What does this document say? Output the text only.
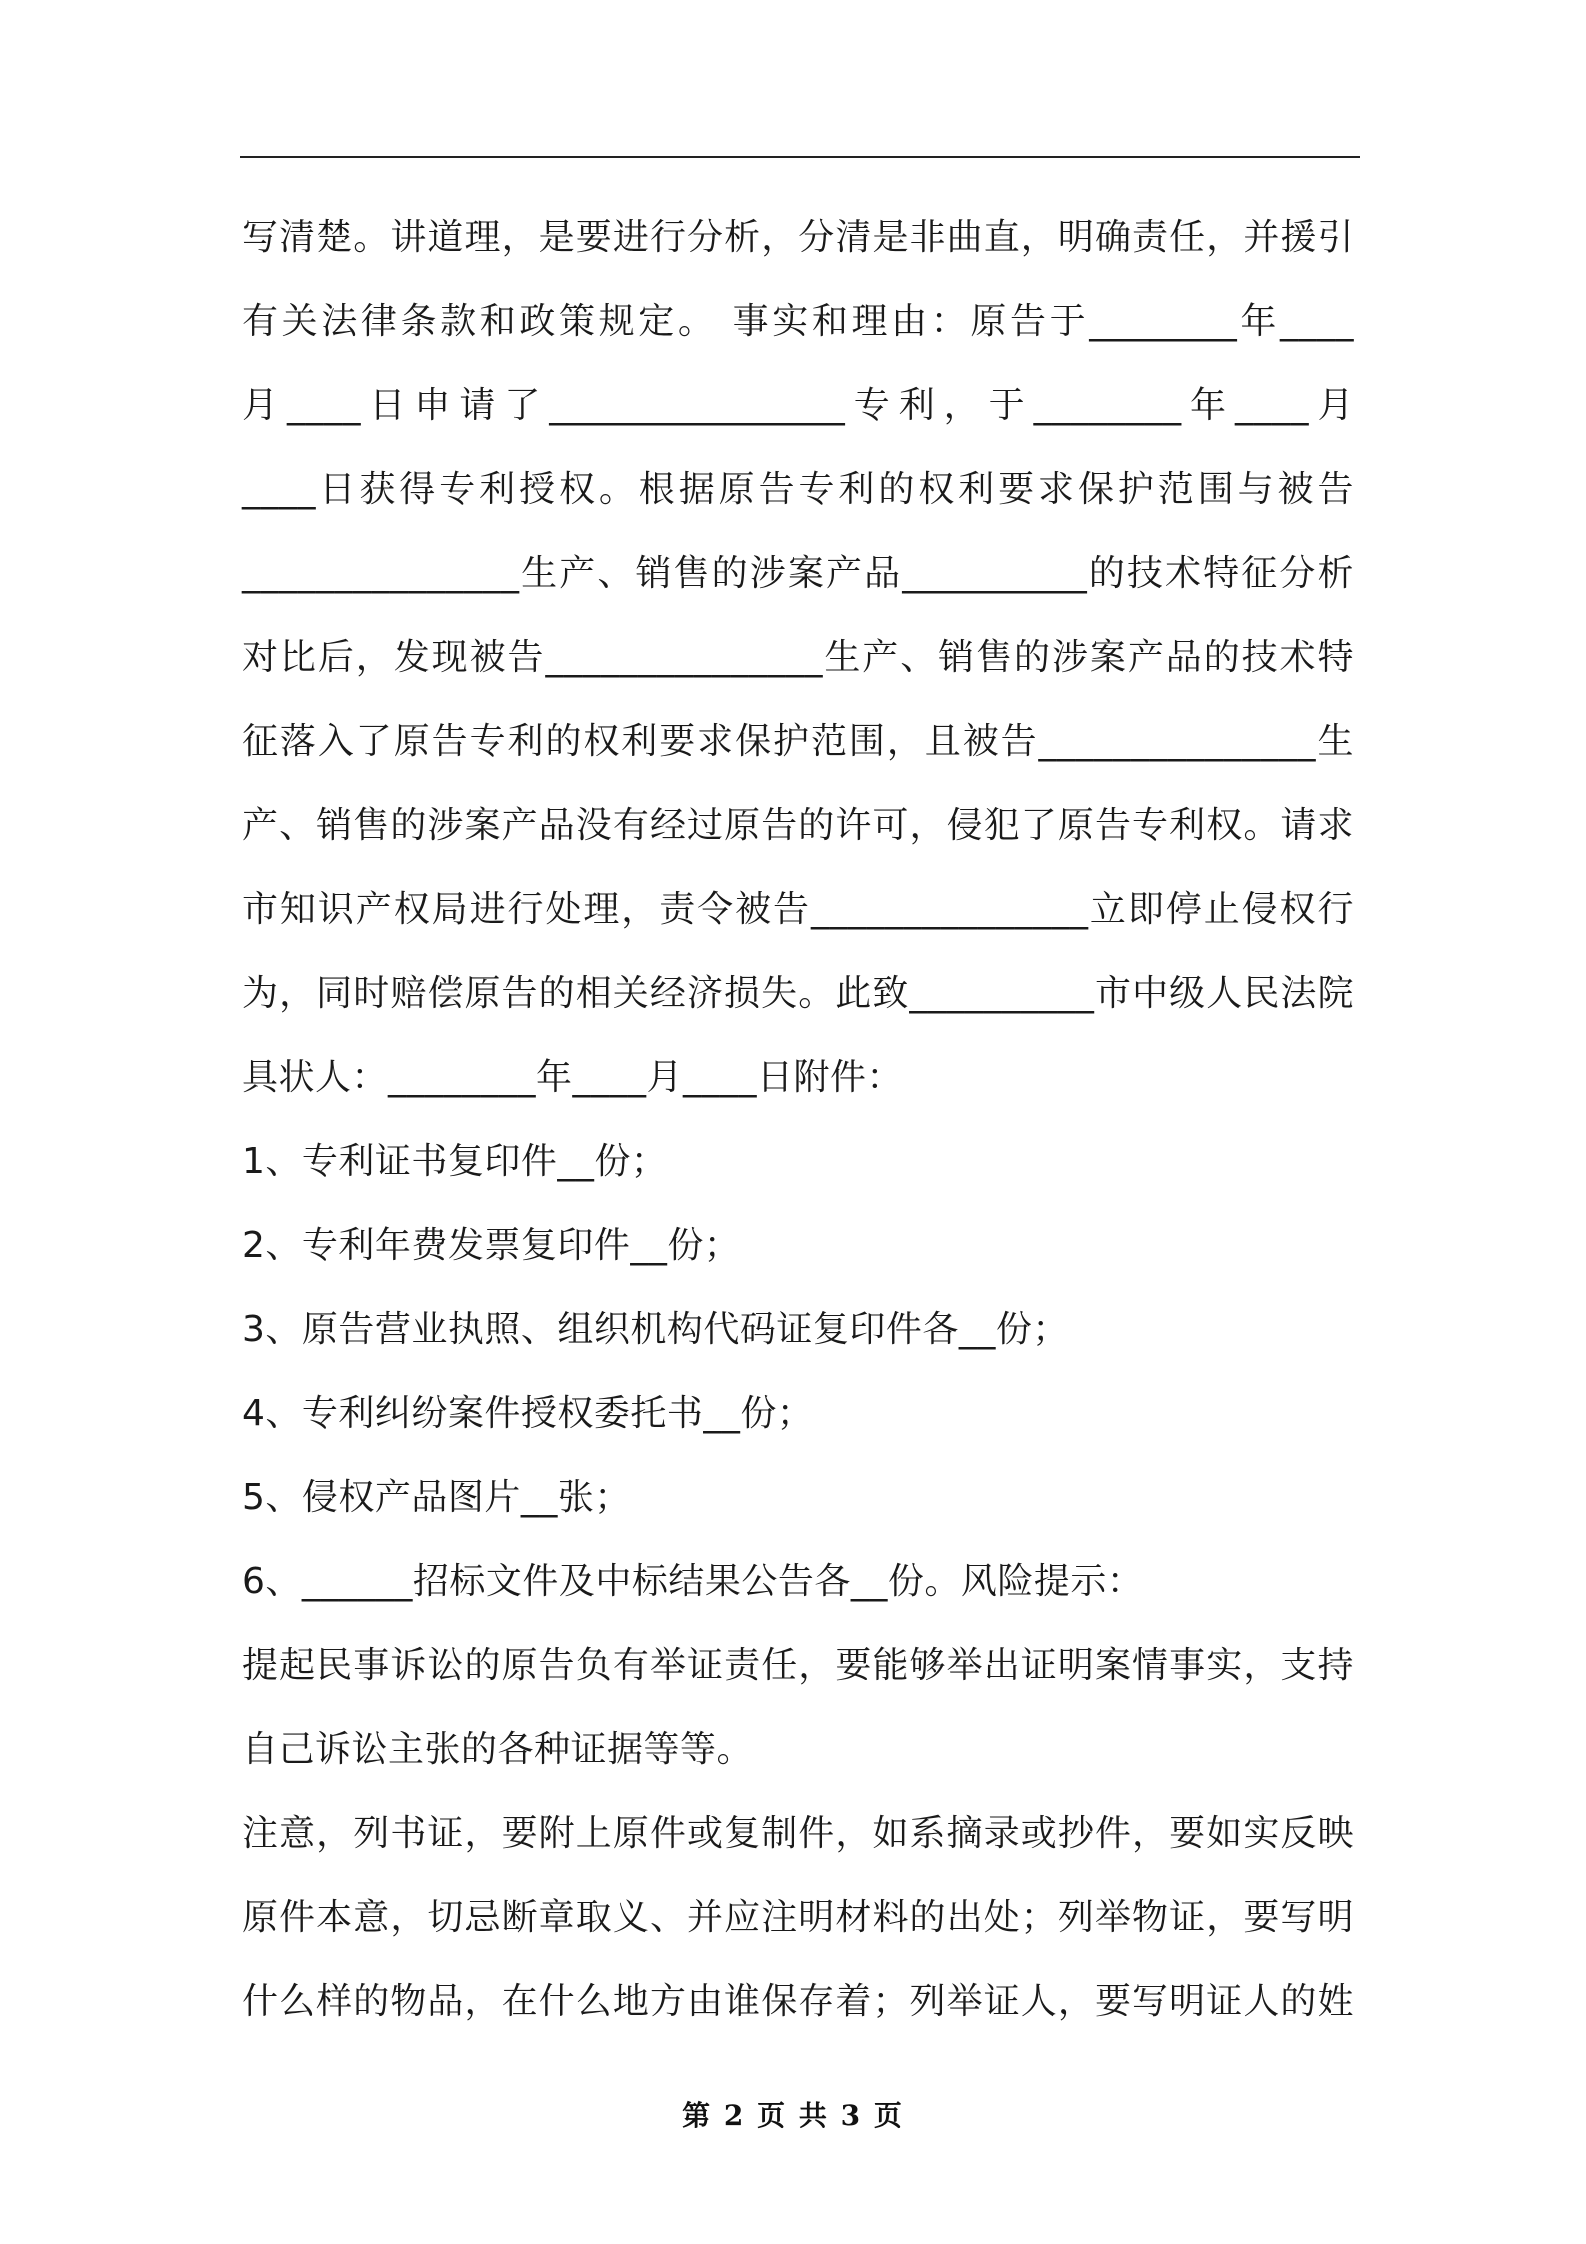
写清楚。讲道理，是要进行分析，分清是非曲直，明确责任，并援引
有关法律条款和政策规定。 事实和理由：原告于________年____
月____日申请了________________专利，于________年____月
____日获得专利授权。根据原告专利的权利要求保护范围与被告
_______________生产、销售的涉案产品__________的技术特征分析
对比后，发现被告_______________生产、销售的涉案产品的技术特
征落入了原告专利的权利要求保护范围，且被告_______________生
产、销售的涉案产品没有经过原告的许可，侵犯了原告专利权。请求
市知识产权局进行处理，责令被告_______________立即停止侵权行
为，同时赔偿原告的相关经济损失。此致__________市中级人民法院
具状人：________年____月____日附件：
1、专利证书复印件__份；
2、专利年费发票复印件__份；
3、原告营业执照、组织机构代码证复印件各__份；
4、专利纠纷案件授权委托书__份；
5、侵权产品图片__张；
6、______招标文件及中标结果公告各__份。风险提示：
提起民事诉讼的原告负有举证责任，要能够举出证明案情事实，支持
自己诉讼主张的各种证据等等。
注意，列书证，要附上原件或复制件，如系摘录或抄件，要如实反映
原件本意，切忌断章取义、并应注明材料的出处；列举物证，要写明
什么样的物品，在什么地方由谁保存着；列举证人，要写明证人的姓
第 2 页 共 3 页
